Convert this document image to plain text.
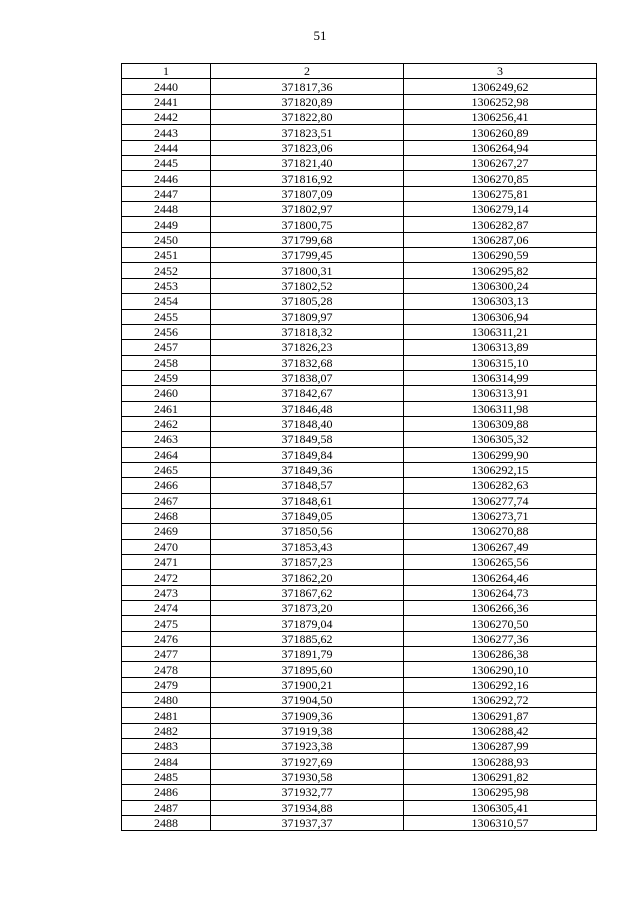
51
1	2	3
2440	371817,36	1306249,62
2441	371820,89	1306252,98
2442	371822,80	1306256,41
2443	371823,51	1306260,89
2444	371823,06	1306264,94
2445	371821,40	1306267,27
2446	371816,92	1306270,85
2447	371807,09	1306275,81
2448	371802,97	1306279,14
2449	371800,75	1306282,87
2450	371799,68	1306287,06
2451	371799,45	1306290,59
2452	371800,31	1306295,82
2453	371802,52	1306300,24
2454	371805,28	1306303,13
2455	371809,97	1306306,94
2456	371818,32	1306311,21
2457	371826,23	1306313,89
2458	371832,68	1306315,10
2459	371838,07	1306314,99
2460	371842,67	1306313,91
2461	371846,48	1306311,98
2462	371848,40	1306309,88
2463	371849,58	1306305,32
2464	371849,84	1306299,90
2465	371849,36	1306292,15
2466	371848,57	1306282,63
2467	371848,61	1306277,74
2468	371849,05	1306273,71
2469	371850,56	1306270,88
2470	371853,43	1306267,49
2471	371857,23	1306265,56
2472	371862,20	1306264,46
2473	371867,62	1306264,73
2474	371873,20	1306266,36
2475	371879,04	1306270,50
2476	371885,62	1306277,36
2477	371891,79	1306286,38
2478	371895,60	1306290,10
2479	371900,21	1306292,16
2480	371904,50	1306292,72
2481	371909,36	1306291,87
2482	371919,38	1306288,42
2483	371923,38	1306287,99
2484	371927,69	1306288,93
2485	371930,58	1306291,82
2486	371932,77	1306295,98
2487	371934,88	1306305,41
2488	371937,37	1306310,57
